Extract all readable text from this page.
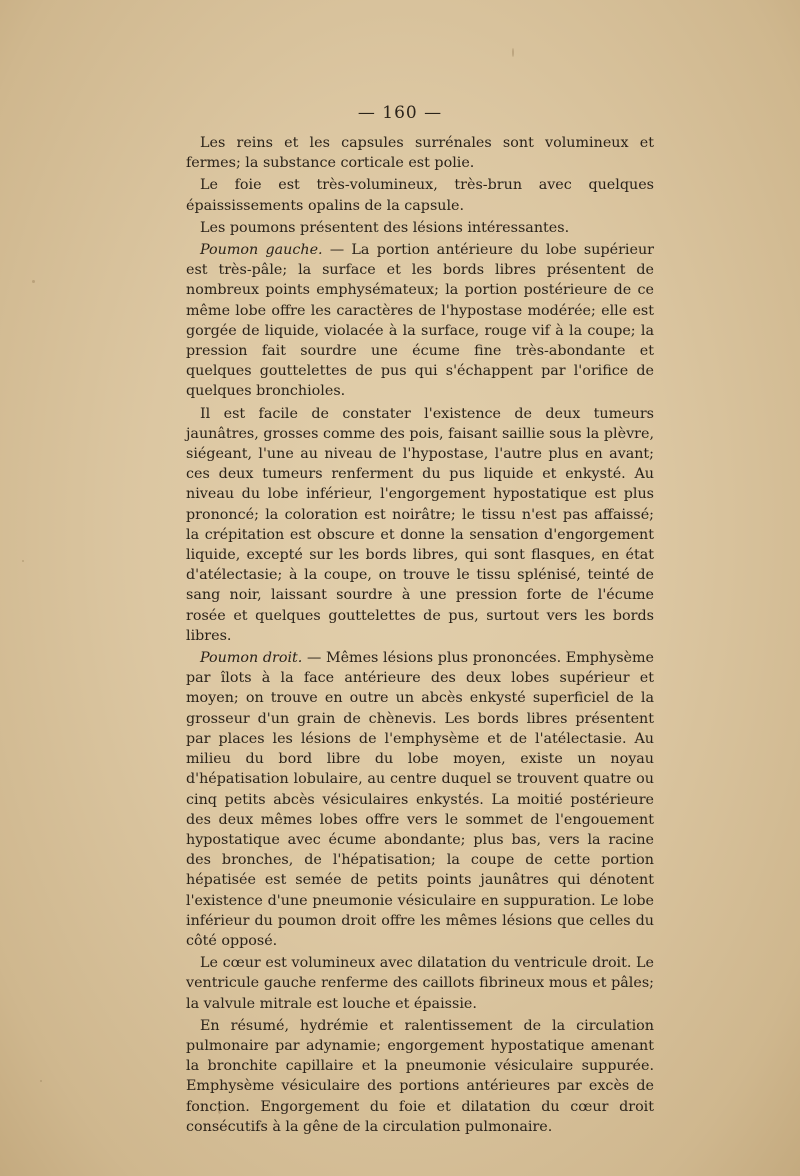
— 160 —

Les reins et les capsules surrénales sont volumineux et fermes; la substance corticale est polie.

Le foie est très-volumineux, très-brun avec quelques épaississements opalins de la capsule.

Les poumons présentent des lésions intéressantes.

Poumon gauche. — La portion antérieure du lobe supérieur est très-pâle; la surface et les bords libres présentent de nombreux points emphysémateux; la portion postérieure de ce même lobe offre les caractères de l'hypostase modérée; elle est gorgée de liquide, violacée à la surface, rouge vif à la coupe; la pression fait sourdre une écume fine très-abondante et quelques gouttelettes de pus qui s'échappent par l'orifice de quelques bronchioles.

Il est facile de constater l'existence de deux tumeurs jaunâtres, grosses comme des pois, faisant saillie sous la plèvre, siégeant, l'une au niveau de l'hypostase, l'autre plus en avant; ces deux tumeurs renferment du pus liquide et enkysté. Au niveau du lobe inférieur, l'engorgement hypostatique est plus prononcé; la coloration est noirâtre; le tissu n'est pas affaissé; la crépitation est obscure et donne la sensation d'engorgement liquide, excepté sur les bords libres, qui sont flasques, en état d'atélectasie; à la coupe, on trouve le tissu splénisé, teinté de sang noir, laissant sourdre à une pression forte de l'écume rosée et quelques gouttelettes de pus, surtout vers les bords libres.

Poumon droit. — Mêmes lésions plus prononcées. Emphysème par îlots à la face antérieure des deux lobes supérieur et moyen; on trouve en outre un abcès enkysté superficiel de la grosseur d'un grain de chènevis. Les bords libres présentent par places les lésions de l'emphysème et de l'atélectasie. Au milieu du bord libre du lobe moyen, existe un noyau d'hépatisation lobulaire, au centre duquel se trouvent quatre ou cinq petits abcès vésiculaires enkystés. La moitié postérieure des deux mêmes lobes offre vers le sommet de l'engouement hypostatique avec écume abondante; plus bas, vers la racine des bronches, de l'hépatisation; la coupe de cette portion hépatisée est semée de petits points jaunâtres qui dénotent l'existence d'une pneumonie vésiculaire en suppuration. Le lobe inférieur du poumon droit offre les mêmes lésions que celles du côté opposé.

Le cœur est volumineux avec dilatation du ventricule droit. Le ventricule gauche renferme des caillots fibrineux mous et pâles; la valvule mitrale est louche et épaissie.

En résumé, hydrémie et ralentissement de la circulation pulmonaire par adynamie; engorgement hypostatique amenant la bronchite capillaire et la pneumonie vésiculaire suppurée. Emphysème vésiculaire des portions antérieures par excès de fonction. Engorgement du foie et dilatation du cœur droit consécutifs à la gêne de la circulation pulmonaire.
